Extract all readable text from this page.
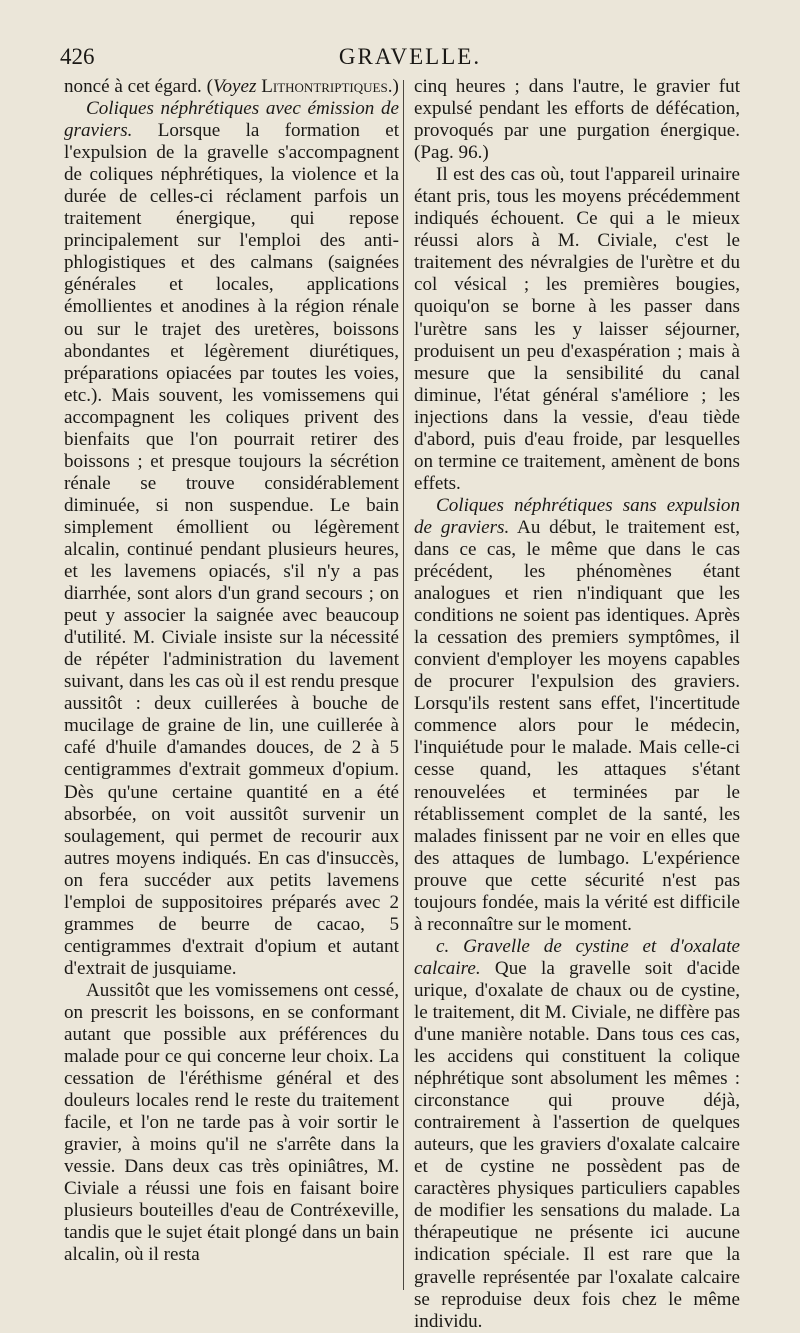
426	GRAVELLE.

noncé à cet égard. (Voyez Lithontriptiques.)

Coliques néphrétiques avec émission de graviers. Lorsque la formation et l'expulsion de la gravelle s'accompagnent de coliques néphrétiques, la violence et la durée de celles-ci réclament parfois un traitement énergique, qui repose principalement sur l'emploi des anti-phlogistiques et des calmans (saignées générales et locales, applications émollientes et anodines à la région rénale ou sur le trajet des uretères, boissons abondantes et légèrement diurétiques, préparations opiacées par toutes les voies, etc.). Mais souvent, les vomissemens qui accompagnent les coliques privent des bienfaits que l'on pourrait retirer des boissons ; et presque toujours la sécrétion rénale se trouve considérablement diminuée, si non suspendue. Le bain simplement émollient ou légèrement alcalin, continué pendant plusieurs heures, et les lavemens opiacés, s'il n'y a pas diarrhée, sont alors d'un grand secours ; on peut y associer la saignée avec beaucoup d'utilité. M. Civiale insiste sur la nécessité de répéter l'administration du lavement suivant, dans les cas où il est rendu presque aussitôt : deux cuillerées à bouche de mucilage de graine de lin, une cuillerée à café d'huile d'amandes douces, de 2 à 5 centigrammes d'extrait gommeux d'opium. Dès qu'une certaine quantité en a été absorbée, on voit aussitôt survenir un soulagement, qui permet de recourir aux autres moyens indiqués. En cas d'insuccès, on fera succéder aux petits lavemens l'emploi de suppositoires préparés avec 2 grammes de beurre de cacao, 5 centigrammes d'extrait d'opium et autant d'extrait de jusquiame.

Aussitôt que les vomissemens ont cessé, on prescrit les boissons, en se conformant autant que possible aux préférences du malade pour ce qui concerne leur choix. La cessation de l'éréthisme général et des douleurs locales rend le reste du traitement facile, et l'on ne tarde pas à voir sortir le gravier, à moins qu'il ne s'arrête dans la vessie. Dans deux cas très opiniâtres, M. Civiale a réussi une fois en faisant boire plusieurs bouteilles d'eau de Contréxeville, tandis que le sujet était plongé dans un bain alcalin, où il resta

cinq heures ; dans l'autre, le gravier fut expulsé pendant les efforts de défécation, provoqués par une purgation énergique. (Pag. 96.)

Il est des cas où, tout l'appareil urinaire étant pris, tous les moyens précédemment indiqués échouent. Ce qui a le mieux réussi alors à M. Civiale, c'est le traitement des névralgies de l'urètre et du col vésical ; les premières bougies, quoiqu'on se borne à les passer dans l'urètre sans les y laisser séjourner, produisent un peu d'exaspération ; mais à mesure que la sensibilité du canal diminue, l'état général s'améliore ; les injections dans la vessie, d'eau tiède d'abord, puis d'eau froide, par lesquelles on termine ce traitement, amènent de bons effets.

Coliques néphrétiques sans expulsion de graviers. Au début, le traitement est, dans ce cas, le même que dans le cas précédent, les phénomènes étant analogues et rien n'indiquant que les conditions ne soient pas identiques. Après la cessation des premiers symptômes, il convient d'employer les moyens capables de procurer l'expulsion des graviers. Lorsqu'ils restent sans effet, l'incertitude commence alors pour le médecin, l'inquiétude pour le malade. Mais celle-ci cesse quand, les attaques s'étant renouvelées et terminées par le rétablissement complet de la santé, les malades finissent par ne voir en elles que des attaques de lumbago. L'expérience prouve que cette sécurité n'est pas toujours fondée, mais la vérité est difficile à reconnaître sur le moment.

c. Gravelle de cystine et d'oxalate calcaire. Que la gravelle soit d'acide urique, d'oxalate de chaux ou de cystine, le traitement, dit M. Civiale, ne diffère pas d'une manière notable. Dans tous ces cas, les accidens qui constituent la colique néphrétique sont absolument les mêmes : circonstance qui prouve déjà, contrairement à l'assertion de quelques auteurs, que les graviers d'oxalate calcaire et de cystine ne possèdent pas de caractères physiques particuliers capables de modifier les sensations du malade. La thérapeutique ne présente ici aucune indication spéciale. Il est rare que la gravelle représentée par l'oxalate calcaire se reproduise deux fois chez le même individu.
